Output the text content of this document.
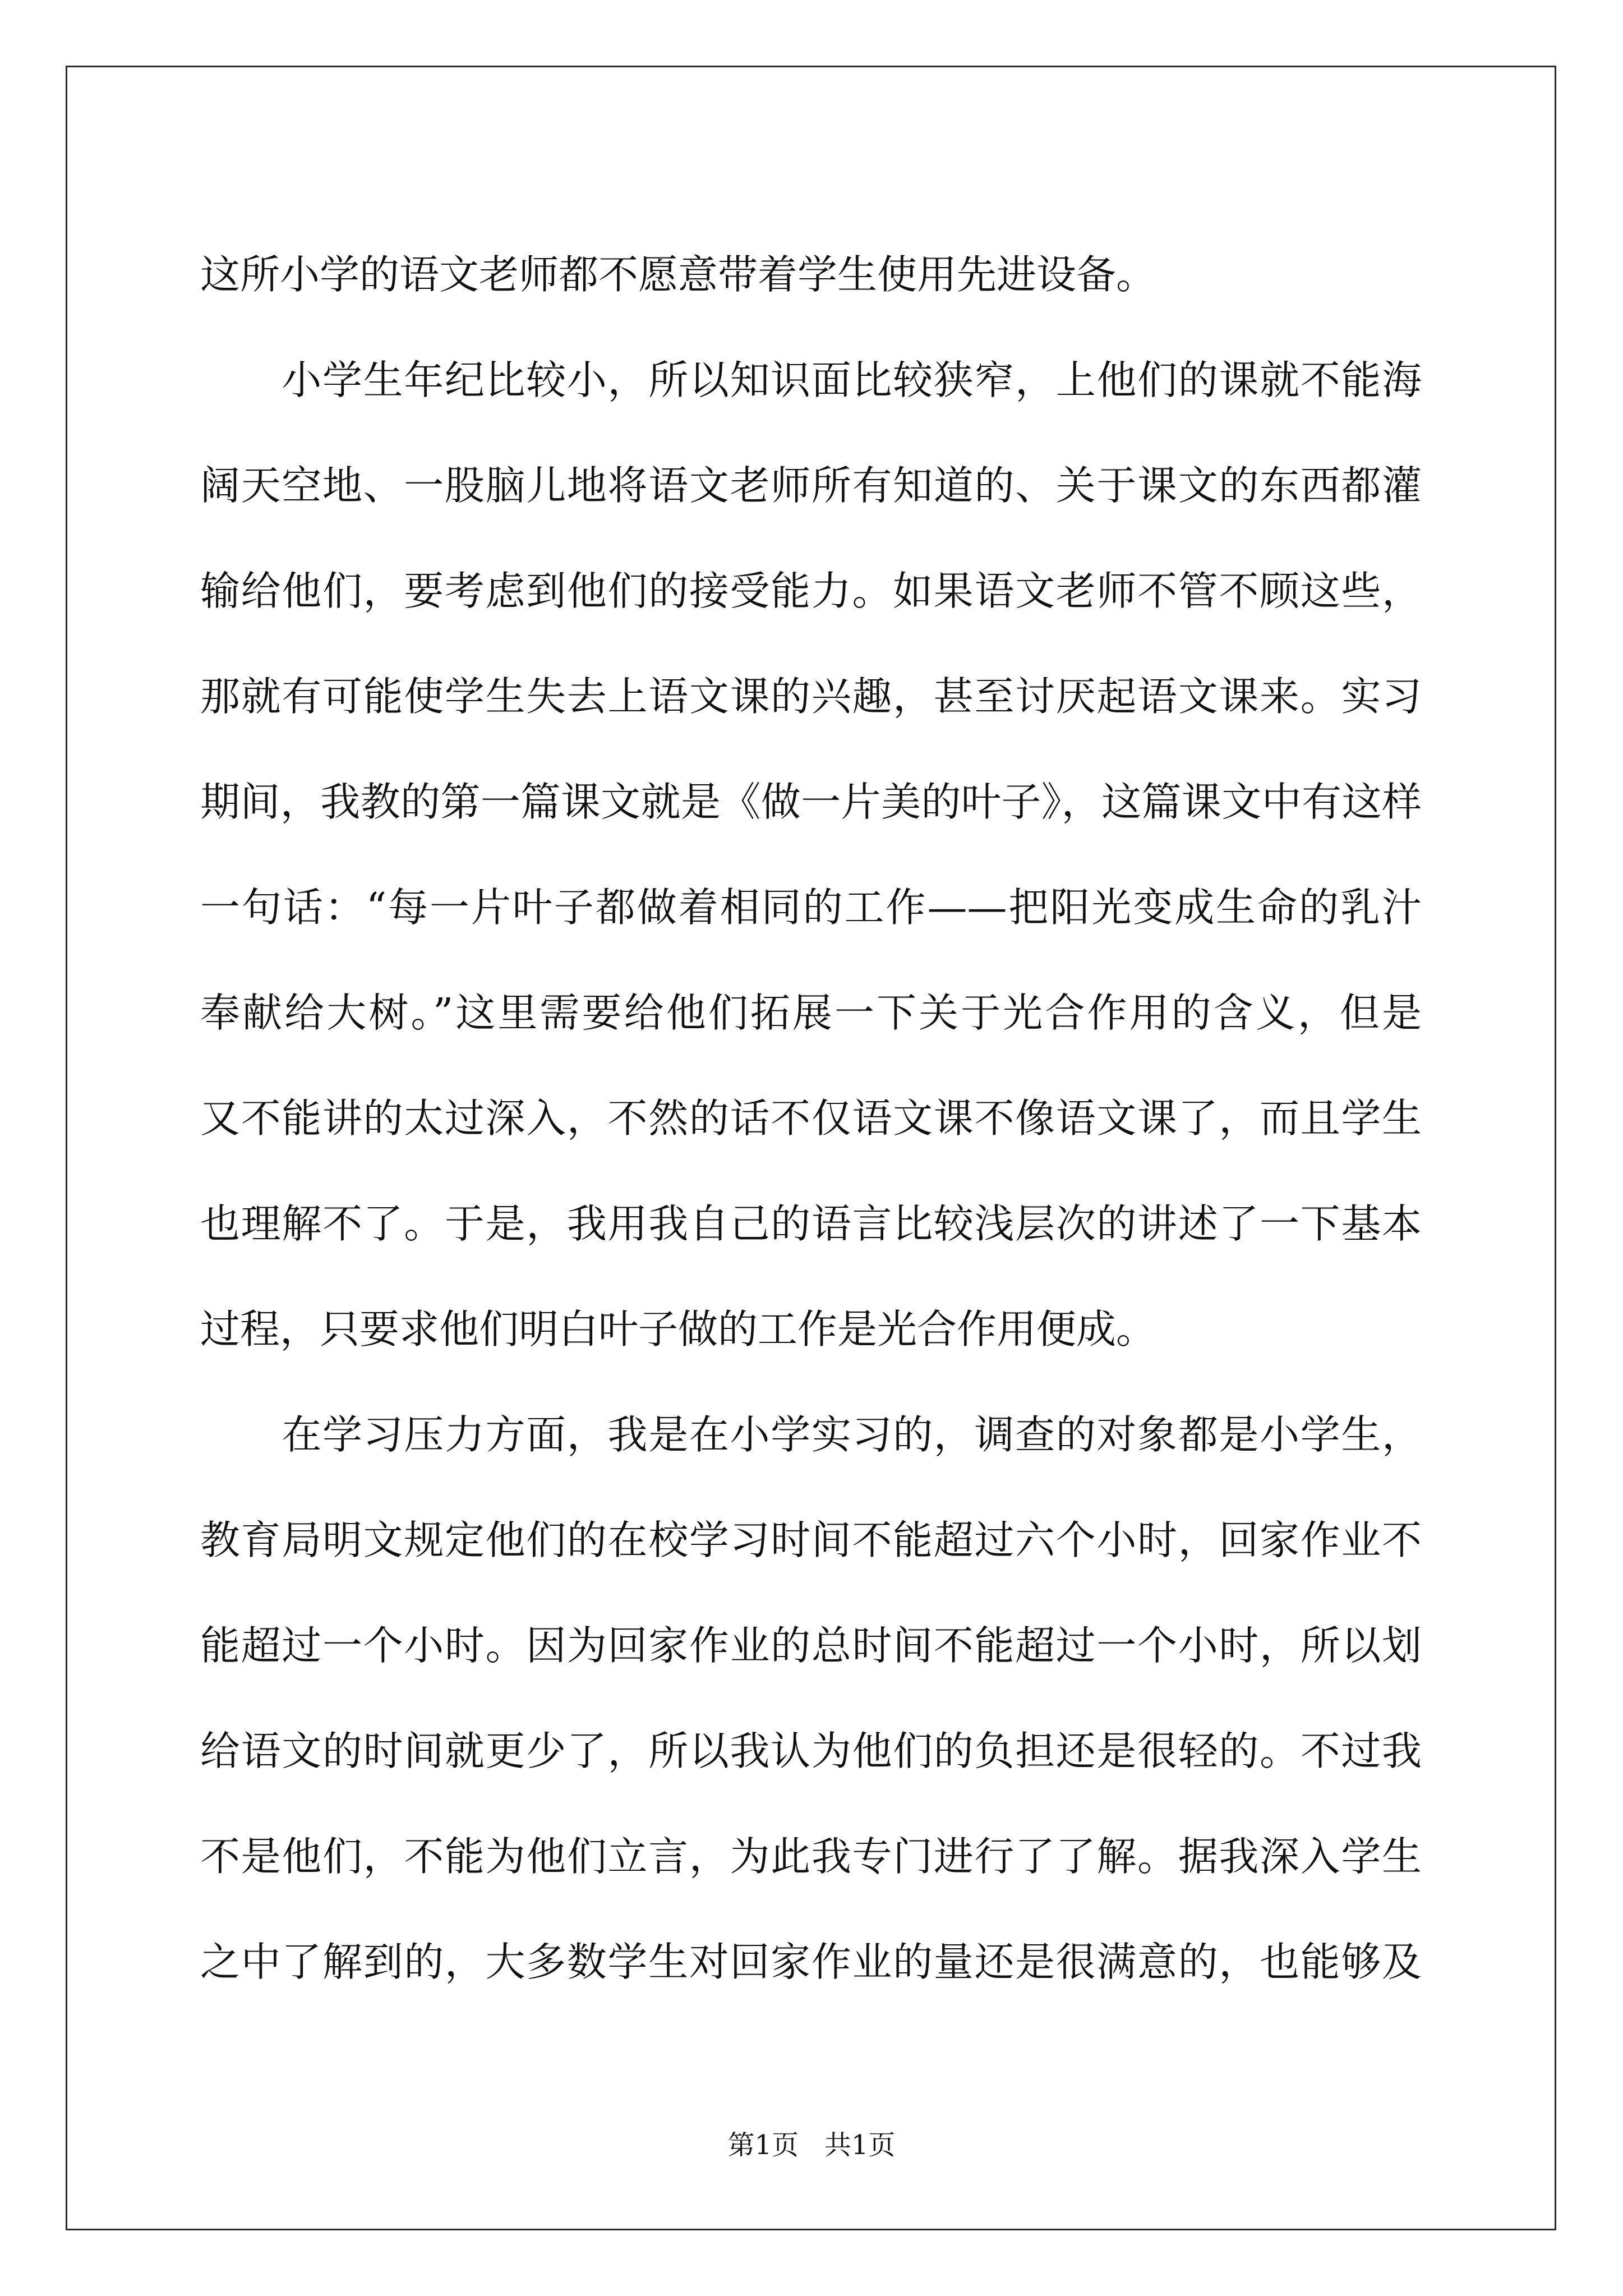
这所小学的语文老师都不愿意带着学生使用先进设备。
　　小学生年纪比较小，所以知识面比较狭窄，上他们的课就不能海
阔天空地、一股脑儿地将语文老师所有知道的、关于课文的东西都灌
输给他们，要考虑到他们的接受能力。如果语文老师不管不顾这些，
那就有可能使学生失去上语文课的兴趣，甚至讨厌起语文课来。实习
期间，我教的第一篇课文就是《做一片美的叶子》，这篇课文中有这样
一句话：“每一片叶子都做着相同的工作——把阳光变成生命的乳汁
奉献给大树。”这里需要给他们拓展一下关于光合作用的含义，但是
又不能讲的太过深入，不然的话不仅语文课不像语文课了，而且学生
也理解不了。于是，我用我自己的语言比较浅层次的讲述了一下基本
过程，只要求他们明白叶子做的工作是光合作用便成。
　　在学习压力方面，我是在小学实习的，调查的对象都是小学生，
教育局明文规定他们的在校学习时间不能超过六个小时，回家作业不
能超过一个小时。因为回家作业的总时间不能超过一个小时，所以划
给语文的时间就更少了，所以我认为他们的负担还是很轻的。不过我
不是他们，不能为他们立言，为此我专门进行了了解。据我深入学生
之中了解到的，大多数学生对回家作业的量还是很满意的，也能够及
第1页 共1页
